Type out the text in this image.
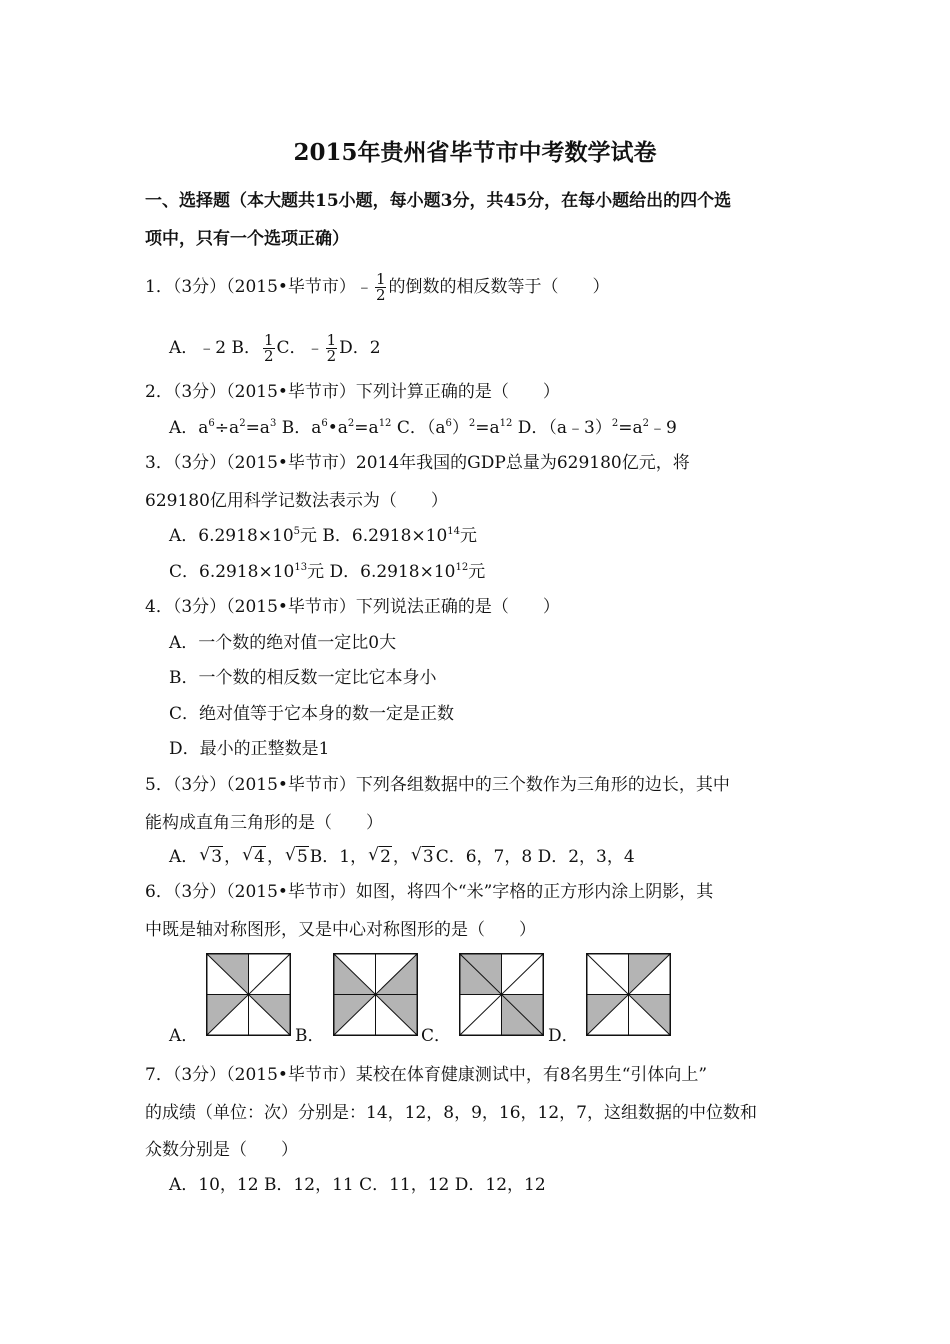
2015年贵州省毕节市中考数学试卷
一、选择题（本大题共15小题，每小题3分，共45分，在每小题给出的四个选
项中，只有一个选项正确）
1．（3分）（2015•毕节市）﹣ $\frac{1}{2}$ 的倒数的相反数等于（　　）
A．﹣2 B． $\frac{1}{2}$ C．﹣ $\frac{1}{2}$ D．2
2．（3分）（2015•毕节市）下列计算正确的是（　　）
A．$a^6\div a^2=a^3$ B．$a^6•a^2=a^{12}$ C．$(a^6)^2=a^{12}$ D．$(a﹣3)^2=a^2﹣9$
3．（3分）（2015•毕节市）2014年我国的GDP总量为629180亿元，将
629180亿用科学记数法表示为（　　）
A．$6.2918\times 10^5$元 B．$6.2918\times 10^{14}$元
C．$6.2918\times 10^{13}$元 D．$6.2918\times 10^{12}$元
4．（3分）（2015•毕节市）下列说法正确的是（　　）
A．一个数的绝对值一定比0大
B．一个数的相反数一定比它本身小
C．绝对值等于它本身的数一定是正数
D．最小的正整数是1
5．（3分）（2015•毕节市）下列各组数据中的三个数作为三角形的边长，其中
能构成直角三角形的是（　　）
A． √ 3 ， √ 4 ， √ 5 B．1， √ 2 ， √ 3 C．6，7，8 D．2，3，4
6．（3分）（2015•毕节市）如图，将四个“米”字格的正方形内涂上阴影，其
中既是轴对称图形，又是中心对称图形的是（　　）
A．	B．	C．	D．
7．（3分）（2015•毕节市）某校在体育健康测试中，有8名男生“引体向上”
的成绩（单位：次）分别是：14，12，8，9，16，12，7，这组数据的中位数和
众数分别是（　　）
A．10，12 B．12，11 C．11，12 D．12，12
